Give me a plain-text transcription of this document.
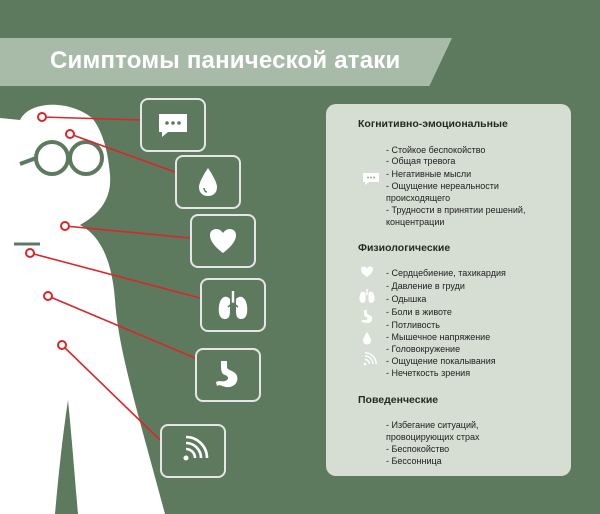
Симптомы панической атаки
Когнитивно-эмоциональные
- Стойкое беспокойство
- Общая тревога
- Негативные мысли
- Ощущение нереальности
происходящего
- Трудности в принятии решений,
концентрации
Физиологические
- Сердцебиение, тахикардия
- Давление в груди
- Одышка
- Боли в животе
- Потливость
- Мышечное напряжение
- Головокружение
- Ощущение покалывания
- Нечеткость зрения
Поведенческие
- Избегание ситуаций,
провоцирующих страх
- Беспокойство
- Бессонница
